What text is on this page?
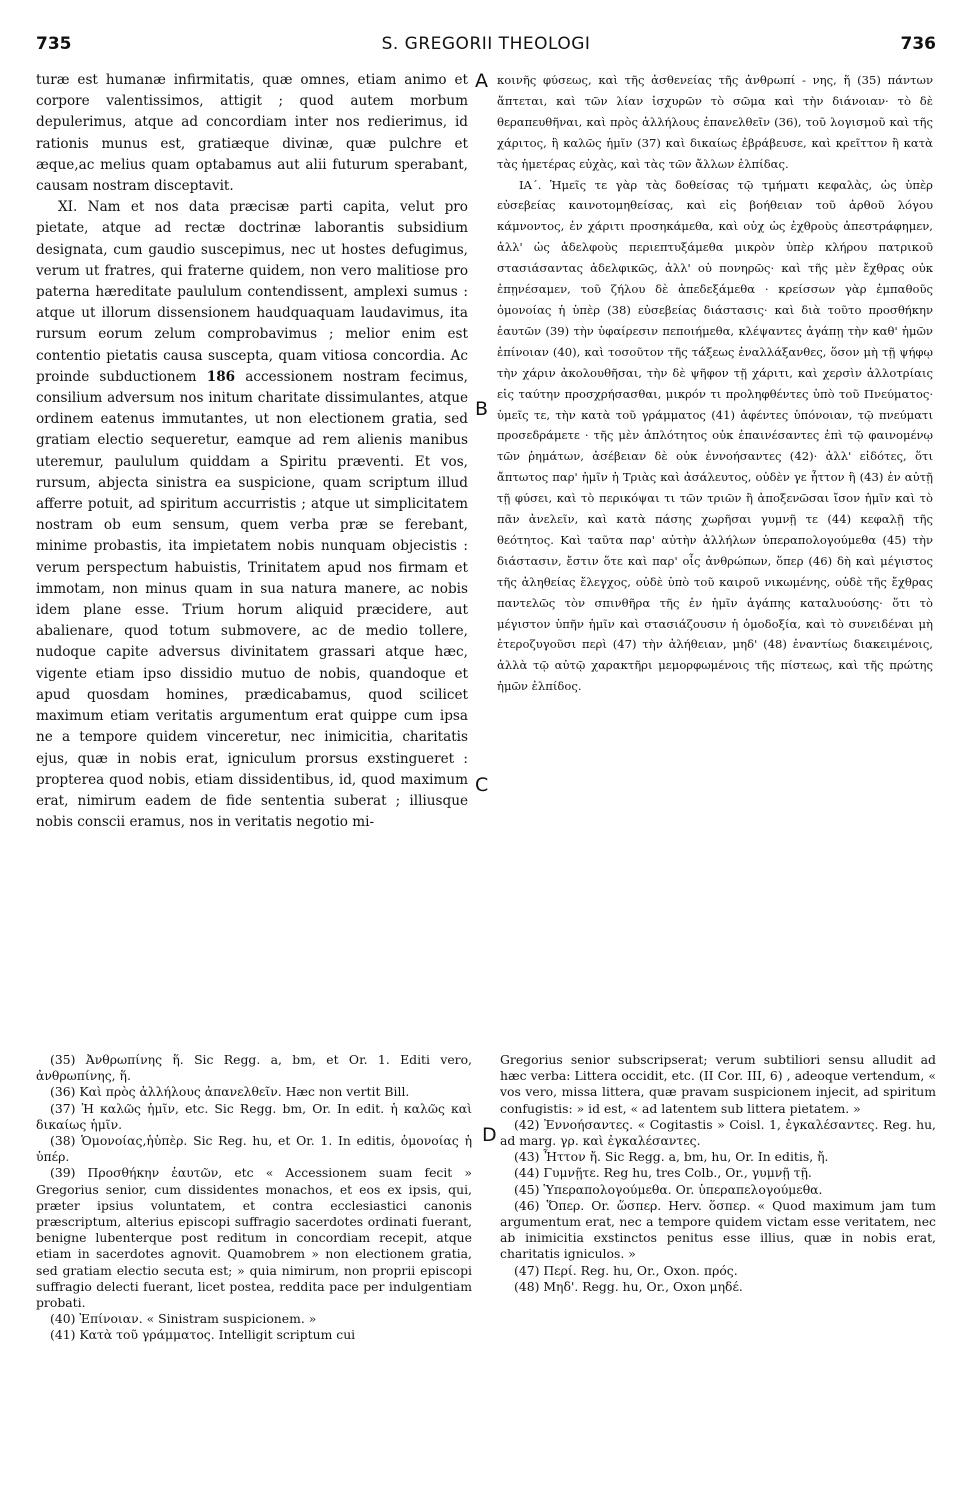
735	S. GREGORII THEOLOGI	736
A
B
C
D

turæ est humanæ infirmitatis, quæ omnes, etiam animo et corpore valentissimos, attigit ; quod autem morbum depulerimus, atque ad concordiam inter nos redierimus, id rationis munus est, gratiæque divinæ, quæ pulchre et æque,ac melius quam optabamus aut alii futurum sperabant, causam nostram disceptavit.

XI. Nam et nos data præcisæ parti capita, velut pro pietate, atque ad rectæ doctrinæ laborantis subsidium designata, cum gaudio suscepimus, nec ut hostes defugimus, verum ut fratres, qui fraterne quidem, non vero malitiose pro paterna hæreditate paululum contendissent, amplexi sumus : atque ut illorum dissensionem haudquaquam laudavimus, ita rursum eorum zelum comprobavimus ; melior enim est contentio pietatis causa suscepta, quam vitiosa concordia. Ac proinde subductionem 186 accessionem nostram fecimus, consilium adversum nos initum charitate dissimulantes, atque ordinem eatenus immutantes, ut non electionem gratia, sed gratiam electio sequeretur, eamque ad rem alienis manibus uteremur, paululum quiddam a Spiritu præventi. Et vos, rursum, abjecta sinistra ea suspicione, quam scriptum illud afferre potuit, ad spiritum accurristis ; atque ut simplicitatem nostram ob eum sensum, quem verba præ se ferebant, minime probastis, ita impietatem nobis nunquam objecistis : verum perspectum habuistis, Trinitatem apud nos firmam et immotam, non minus quam in sua natura manere, ac nobis idem plane esse. Trium horum aliquid præcidere, aut abalienare, quod totum submovere, ac de medio tollere, nudoque capite adversus divinitatem grassari atque hæc, vigente etiam ipso dissidio mutuo de nobis, quandoque et apud quosdam homines, prædicabamus, quod scilicet maximum etiam veritatis argumentum erat quippe cum ipsa ne a tempore quidem vinceretur, nec inimicitia, charitatis ejus, quæ in nobis erat, igniculum prorsus exstingueret : propterea quod nobis, etiam dissidentibus, id, quod maximum erat, nimirum eadem de fide sententia suberat ; illiusque nobis conscii eramus, nos in veritatis negotio mi-

κοινῆς φύσεως, καὶ τῆς ἀσθενείας τῆς ἀνθρωπί - νης, ἥ (35) πάντων ἅπτεται, καὶ τῶν λίαν ἰσχυρῶν τὸ σῶμα καὶ τὴν διάνοιαν· τὸ δὲ θεραπευθῆναι, καὶ πρὸς ἀλλήλους ἐπανελθεῖν (36), τοῦ λογισμοῦ καὶ τῆς χάριτος, ἣ καλῶς ἡμῖν (37) καὶ δικαίως ἐβράβευσε, καὶ κρεῖττον ἢ κατὰ τὰς ἡμετέρας εὐχὰς, καὶ τὰς τῶν ἄλλων ἐλπίδας.

ΙΑ΄. Ἡμεῖς τε γὰρ τὰς δοθείσας τῷ τμήματι κεφαλὰς, ὡς ὑπὲρ εὐσεβείας καινοτομηθείσας, καὶ εἰς βοήθειαν τοῦ ἀρθοῦ λόγου κάμνοντος, ἐν χάριτι προσηκάμεθα, καὶ οὐχ ὡς ἐχθροὺς ἀπεστράφημεν, ἀλλ' ὡς ἀδελφοὺς περιεπτυξάμεθα μικρὸν ὑπὲρ κλήρου πατρικοῦ στασιάσαντας ἀδελφικῶς, ἀλλ' οὐ πονηρῶς· καὶ τῆς μὲν ἔχθρας οὐκ ἐπῃνέσαμεν, τοῦ ζήλου δὲ ἀπεδεξάμεθα · κρείσσων γὰρ ἐμπαθοῦς ὁμονοίας ἡ ὑπὲρ (38) εὐσεβείας διάστασις· καὶ διὰ τοῦτο προσθήκην ἑαυτῶν (39) τὴν ὑφαίρεσιν πεποιήμεθα, κλέψαντες ἀγάπῃ τὴν καθ' ἡμῶν ἐπίνοιαν (40), καὶ τοσοῦτον τῆς τάξεως ἐναλλάξανθες, ὅσον μὴ τῇ ψήφῳ τὴν χάριν ἀκολουθῆσαι, τὴν δὲ ψῆφον τῇ χάριτι, καὶ χερσὶν ἀλλοτρίαις εἰς ταύτην προσχρήσασθαι, μικρόν τι προληφθέντες ὑπὸ τοῦ Πνεύματος· ὑμεῖς τε, τὴν κατὰ τοῦ γράμματος (41) ἀφέντες ὑπόνοιαν, τῷ πνεύματι προσεδράμετε · τῆς μὲν ἁπλότητος οὐκ ἐπαινέσαντες ἐπὶ τῷ φαινομένῳ τῶν ῥημάτων, ἀσέβειαν δὲ οὐκ ἐννοήσαντες (42)· ἀλλ' εἰδότες, ὅτι ἄπτωτος παρ' ἡμῖν ἡ Τριὰς καὶ ἀσάλευτος, οὐδὲν γε ἧττον ἢ (43) ἐν αὐτῇ τῇ φύσει, καὶ τὸ περικόψαι τι τῶν τριῶν ἢ ἀποξενῶσαι ἴσον ἡμῖν καὶ τὸ πᾶν ἀνελεῖν, καὶ κατὰ πάσης χωρῆσαι γυμνῇ τε (44) κεφαλῇ τῆς θεότητος. Καὶ ταῦτα παρ' αὐτὴν ἀλλήλων ὑπεραπολογούμεθα (45) τὴν διάστασιν, ἔστιν ὅτε καὶ παρ' οἷς ἀνθρώπων, ὅπερ (46) δὴ καὶ μέγιστος τῆς ἀληθείας ἔλεγχος, οὐδὲ ὑπὸ τοῦ καιροῦ νικωμένης, οὐδὲ τῆς ἔχθρας παντελῶς τὸν σπινθῆρα τῆς ἐν ἡμῖν ἀγάπης καταλυούσης· ὅτι τὸ μέγιστον ὑπῆν ἡμῖν καὶ στασιάζουσιν ἡ ὁμοδοξία, καὶ τὸ συνειδέναι μὴ ἑτεροζυγοῦσι περὶ (47) τὴν ἀλήθειαν, μηδ' (48) ἐναντίως διακειμένοις, ἀλλὰ τῷ αὐτῷ χαρακτῆρι μεμορφωμένοις τῆς πίστεως, καὶ τῆς πρώτης ἡμῶν ἐλπίδος.

(35) Ἀνθρωπίνης ἥ. Sic Regg. a, bm, et Or. 1. Editi vero, ἀνθρωπίνης, ἥ.

(36) Καὶ πρὸς ἀλλήλους ἀπανελθεῖν. Hæc non vertit Bill.

(37) Ἡ καλῶς ἡμῖν, etc. Sic Regg. bm, Or. In edit. ἡ καλῶς καὶ δικαίως ἡμῖν.

(38) Ὁμονοίας,ἡὑπὲρ. Sic Reg. hu, et Or. 1. In editis, ὁμονοίας ἡ ὑπέρ.

(39) Προσθήκην ἑαυτῶν, etc « Accessionem suam fecit » Gregorius senior, cum dissidentes monachos, et eos ex ipsis, qui, præter ipsius voluntatem, et contra ecclesiastici canonis præscriptum, alterius episcopi suffragio sacerdotes ordinati fuerant, benigne lubenterque post reditum in concordiam recepit, atque etiam in sacerdotes agnovit. Quamobrem » non electionem gratia, sed gratiam electio secuta est; » quia nimirum, non proprii episcopi suffragio delecti fuerant, licet postea, reddita pace per indulgentiam probati.

(40) Ἐπίνοιαν. « Sinistram suspicionem. »

(41) Κατὰ τοῦ γράμματος. Intelligit scriptum cui

Gregorius senior subscripserat; verum subtiliori sensu alludit ad hæc verba: Littera occidit, etc. (II Cor. III, 6) , adeoque vertendum, « vos vero, missa littera, quæ pravam suspicionem injecit, ad spiritum confugistis: » id est, « ad latentem sub littera pietatem. »

(42) Ἐννοήσαντες. « Cogitastis » Coisl. 1, ἐγκαλέσαντες. Reg. hu, ad marg. γρ. καὶ ἐγκαλέσαντες.

(43) Ἧττον ἤ. Sic Regg. a, bm, hu, Or. In editis, ἤ.

(44) Γυμνῇτε. Reg hu, tres Colb., Or., γυμνῇ τῇ.

(45) Ὑπεραπολογούμεθα. Or. ὑπεραπελογούμεθα.

(46) Ὅπερ. Or. ὥσπερ. Herv. ὅσπερ. « Quod maximum jam tum argumentum erat, nec a tempore quidem victam esse veritatem, nec ab inimicitia exstinctos penitus esse illius, quæ in nobis erat, charitatis igniculos. »

(47) Περί. Reg. hu, Or., Oxon. πρός.

(48) Μηδ'. Regg. hu, Or., Oxon μηδέ.
